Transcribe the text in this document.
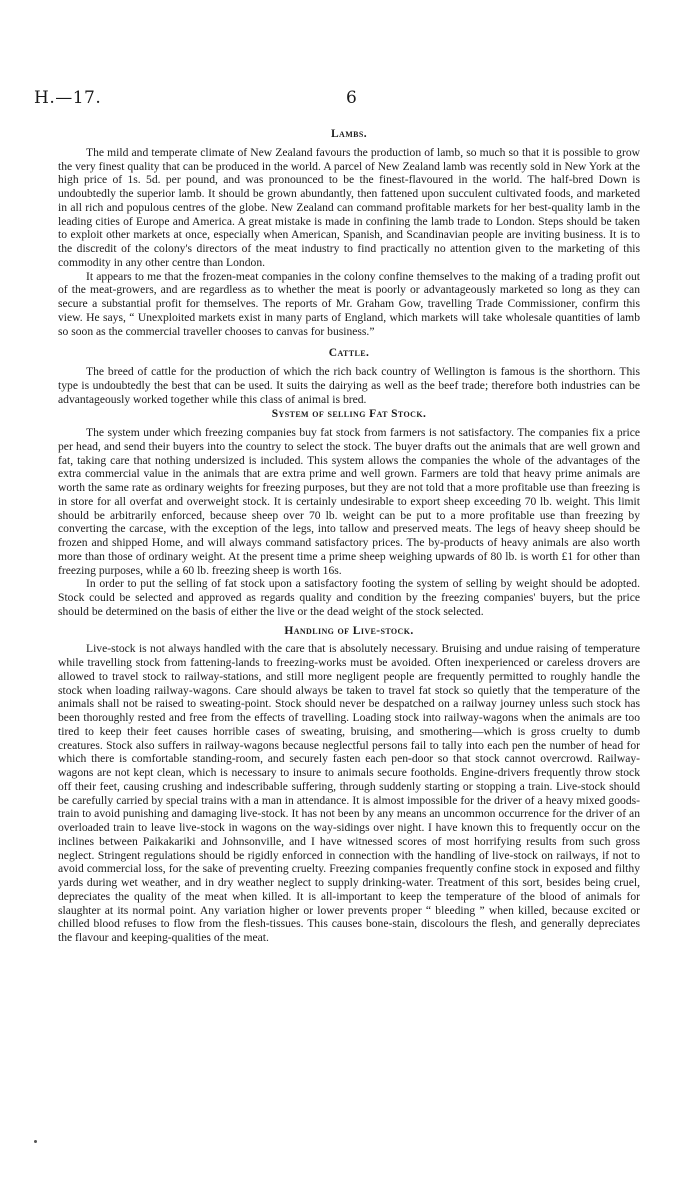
H.—17.	6
Lambs.

The mild and temperate climate of New Zealand favours the production of lamb, so much so that it is possible to grow the very finest quality that can be produced in the world. A parcel of New Zealand lamb was recently sold in New York at the high price of 1s. 5d. per pound, and was pronounced to be the finest-flavoured in the world. The half-bred Down is undoubtedly the superior lamb. It should be grown abundantly, then fattened upon succulent cultivated foods, and marketed in all rich and populous centres of the globe. New Zealand can command profitable markets for her best-quality lamb in the leading cities of Europe and America. A great mistake is made in confining the lamb trade to London. Steps should be taken to exploit other markets at once, especially when American, Spanish, and Scandinavian people are inviting business. It is to the discredit of the colony's directors of the meat industry to find practically no attention given to the marketing of this commodity in any other centre than London.

It appears to me that the frozen-meat companies in the colony confine themselves to the making of a trading profit out of the meat-growers, and are regardless as to whether the meat is poorly or advantageously marketed so long as they can secure a substantial profit for themselves. The reports of Mr. Graham Gow, travelling Trade Commissioner, confirm this view. He says, “ Unexploited markets exist in many parts of England, which markets will take wholesale quantities of lamb so soon as the commercial traveller chooses to canvas for business.”

Cattle.

The breed of cattle for the production of which the rich back country of Wellington is famous is the shorthorn. This type is undoubtedly the best that can be used. It suits the dairying as well as the beef trade; therefore both industries can be advantageously worked together while this class of animal is bred.

System of selling Fat Stock.

The system under which freezing companies buy fat stock from farmers is not satisfactory. The companies fix a price per head, and send their buyers into the country to select the stock. The buyer drafts out the animals that are well grown and fat, taking care that nothing undersized is included. This system allows the companies the whole of the advantages of the extra commercial value in the animals that are extra prime and well grown. Farmers are told that heavy prime animals are worth the same rate as ordinary weights for freezing purposes, but they are not told that a more profitable use than freezing is in store for all overfat and overweight stock. It is certainly undesirable to export sheep exceeding 70 lb. weight. This limit should be arbitrarily enforced, because sheep over 70 lb. weight can be put to a more profitable use than freezing by converting the carcase, with the exception of the legs, into tallow and preserved meats. The legs of heavy sheep should be frozen and shipped Home, and will always command satisfactory prices. The by-products of heavy animals are also worth more than those of ordinary weight. At the present time a prime sheep weighing upwards of 80 lb. is worth £1 for other than freezing purposes, while a 60 lb. freezing sheep is worth 16s.

In order to put the selling of fat stock upon a satisfactory footing the system of selling by weight should be adopted. Stock could be selected and approved as regards quality and condition by the freezing companies' buyers, but the price should be determined on the basis of either the live or the dead weight of the stock selected.

Handling of Live-stock.

Live-stock is not always handled with the care that is absolutely necessary. Bruising and undue raising of temperature while travelling stock from fattening-lands to freezing-works must be avoided. Often inexperienced or careless drovers are allowed to travel stock to railway-stations, and still more negligent people are frequently permitted to roughly handle the stock when loading railway-wagons. Care should always be taken to travel fat stock so quietly that the temperature of the animals shall not be raised to sweating-point. Stock should never be despatched on a railway journey unless such stock has been thoroughly rested and free from the effects of travelling. Loading stock into railway-wagons when the animals are too tired to keep their feet causes horrible cases of sweating, bruising, and smothering—which is gross cruelty to dumb creatures. Stock also suffers in railway-wagons because neglectful persons fail to tally into each pen the number of head for which there is comfortable standing-room, and securely fasten each pen-door so that stock cannot overcrowd. Railway-wagons are not kept clean, which is necessary to insure to animals secure footholds. Engine-drivers frequently throw stock off their feet, causing crushing and indescribable suffering, through suddenly starting or stopping a train. Live-stock should be carefully carried by special trains with a man in attendance. It is almost impossible for the driver of a heavy mixed goods-train to avoid punishing and damaging live-stock. It has not been by any means an uncommon occurrence for the driver of an overloaded train to leave live-stock in wagons on the way-sidings over night. I have known this to frequently occur on the inclines between Paikakariki and Johnsonville, and I have witnessed scores of most horrifying results from such gross neglect. Stringent regulations should be rigidly enforced in connection with the handling of live-stock on railways, if not to avoid commercial loss, for the sake of preventing cruelty. Freezing companies frequently confine stock in exposed and filthy yards during wet weather, and in dry weather neglect to supply drinking-water. Treatment of this sort, besides being cruel, depreciates the quality of the meat when killed. It is all-important to keep the temperature of the blood of animals for slaughter at its normal point. Any variation higher or lower prevents proper “ bleeding ” when killed, because excited or chilled blood refuses to flow from the flesh-tissues. This causes bone-stain, discolours the flesh, and generally depreciates the flavour and keeping-qualities of the meat.
